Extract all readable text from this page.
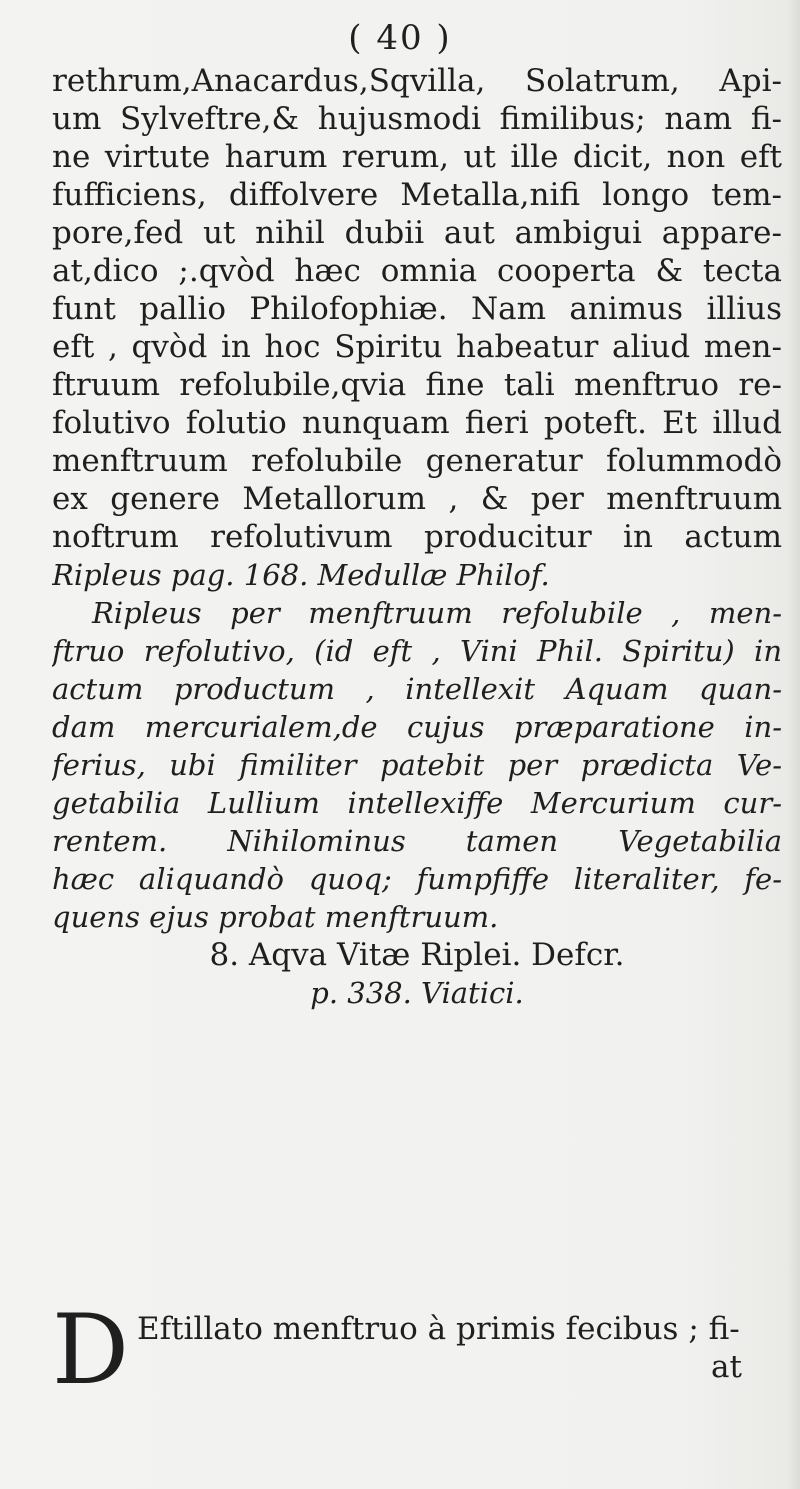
( 40 )
rethrum,Anacardus,Sqvilla, Solatrum, Api-
um Sylveftre,& hujusmodi fimilibus; nam fi-
ne virtute harum rerum, ut ille dicit, non eft
fufficiens, diffolvere Metalla,nifi longo tem-
pore,fed ut nihil dubii aut ambigui appare-
at,dico ;.qvòd hæc omnia cooperta & tecta
funt pallio Philofophiæ. Nam animus illius
eft , qvòd in hoc Spiritu habeatur aliud men-
ftruum refolubile,qvia fine tali menftruo re-
folutivo folutio nunquam fieri poteft. Et illud
menftruum refolubile generatur folummodò
ex genere Metallorum , & per menftruum
noftrum refolutivum producitur in actum
Ripleus pag. 168. Medullæ Philof.
Ripleus per menftruum refolubile , men-
ftruo refolutivo, (id eft , Vini Phil. Spiritu) in
actum productum , intellexit Aquam quan-
dam mercurialem,de cujus præparatione in-
ferius, ubi fimiliter patebit per prædicta Ve-
getabilia Lullium intellexiffe Mercurium cur-
rentem. Nihilominus tamen Vegetabilia
hæc aliquandò quoq; fumpfiffe literaliter, fe-
quens ejus probat menftruum.
8. Aqva Vitæ Riplei. Defcr.
p. 338. Viatici.
D Eftillato menftruo à primis fecibus ; fi-
at
